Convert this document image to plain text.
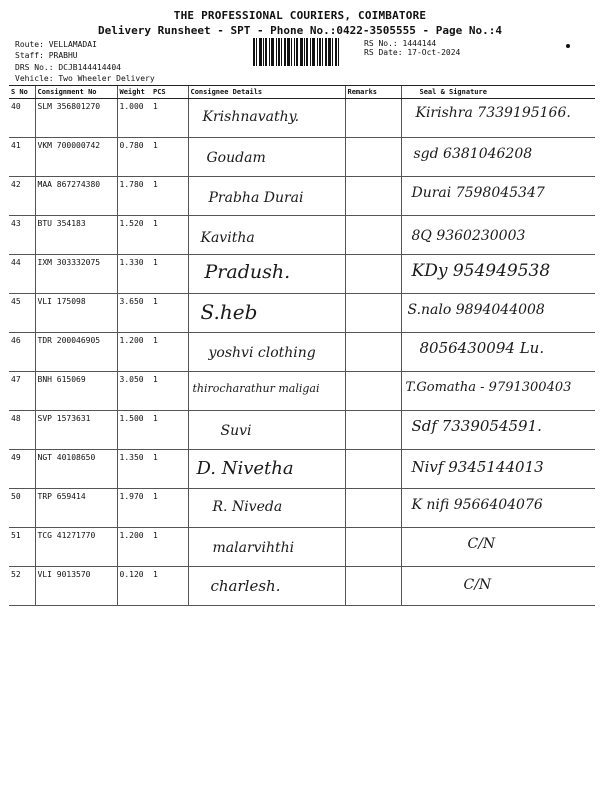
THE PROFESSIONAL COURIERS, COIMBATORE
Delivery Runsheet - SPT - Phone No.:0422-3505555 - Page No.:4
Route: VELLAMADAI
Staff: PRABHU
DRS No.: DCJB144414404
Vehicle: Two Wheeler Delivery
RS No.: 1444144
RS Date: 17-Oct-2024
S No	Consignment No	Weight	PCS	Consignee Details	Remarks	Seal & Signature
40	SLM 356801270	1.000	1	Krishnavathy.		Kirishra 7339195166.

41	VKM 700000742	0.780	1	Goudam		sgd 6381046208

42	MAA 867274380	1.780	1	Prabha Durai		Durai 7598045347

43	BTU 354183	1.520	1	Kavitha		8Q 9360230003

44	IXM 303332075	1.330	1	Pradush.		KDy 954949538

45	VLI 175098	3.650	1	S.heb		S.nalo 9894044008

46	TDR 200046905	1.200	1	yoshvi clothing		8056430094 Lu.

47	BNH 615069	3.050	1	thirocharathur maligai		T.Gomatha - 9791300403

48	SVP 1573631	1.500	1	Suvi		Sdf 7339054591.

49	NGT 40108650	1.350	1	D. Nivetha		Nivf 9345144013

50	TRP 659414	1.970	1	R. Niveda		K nifi 9566404076

51	TCG 41271770	1.200	1	malarvihthi		C/N

52	VLI 9013570	0.120	1	charlesh.		C/N
